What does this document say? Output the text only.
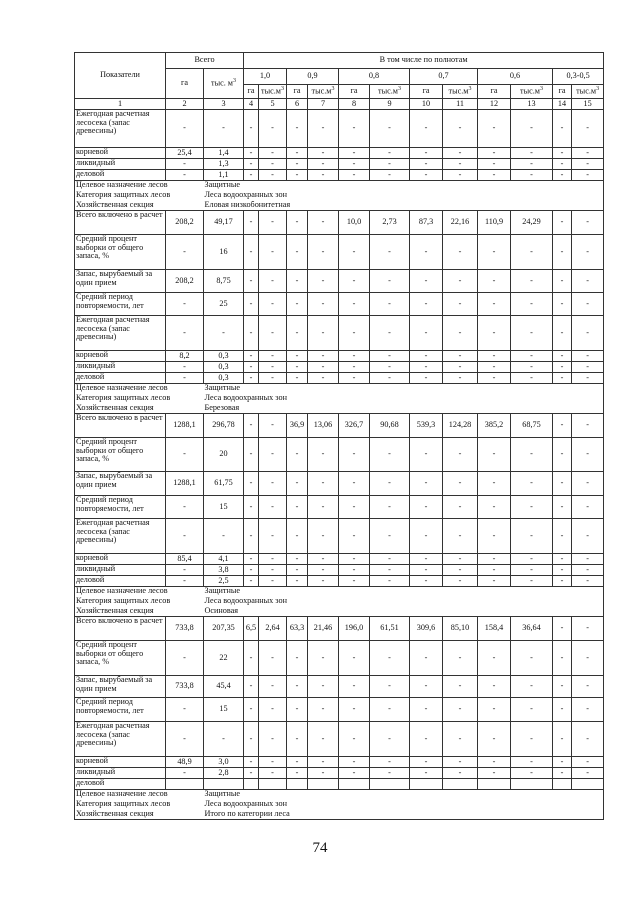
Показатели	Всего		В том числе по полнотам											
	га	тыс. $м^3$	1,0		0,9		0,8		0,7		0,6		0,3-0,5	
			га	$тыс.м^3$	га	$тыс.м^3$	га	$тыс.м^3$	га	$тыс.м^3$	га	$тыс.м^3$	га	$тыс.м^3$
1	2	3	4	5	6	7	8	9	10	11	12	13	14	15
Ежегодная расчетная лесосека (запас древесины)	-	-	-	-	-	-	-	-	-	-	-	-	-	-
корневой	25,4	1,4	-	-	-	-	-	-	-	-	-	-	-	-
ликвидный	-	1,3	-	-	-	-	-	-	-	-	-	-	-	-
деловой	-	1,1	-	-	-	-	-	-	-	-	-	-	-	-
Целевое назначение лесов		Защитные												
Категория защитных лесов		Леса водоохранных зон												
Хозяйственная секция		Еловая низкобонитетная												
Всего включено в расчет	208,2	49,17	-	-	-	-	10,0	2,73	87,3	22,16	110,9	24,29	-	-
Средний процент выборки от общего запаса, %	-	16	-	-	-	-	-	-	-	-	-	-	-	-
Запас, вырубаемый за один прием	208,2	8,75	-	-	-	-	-	-	-	-	-	-	-	-
Средний период повторяемости, лет	-	25	-	-	-	-	-	-	-	-	-	-	-	-
Ежегодная расчетная лесосека (запас древесины)	-	-	-	-	-	-	-	-	-	-	-	-	-	-
корневой	8,2	0,3	-	-	-	-	-	-	-	-	-	-	-	-
ликвидный	-	0,3	-	-	-	-	-	-	-	-	-	-	-	-
деловой	-	0,3	-	-	-	-	-	-	-	-	-	-	-	-
Целевое назначение лесов		Защитные												
Категория защитных лесов		Леса водоохранных зон												
Хозяйственная секция		Березовая												
Всего включено в расчет	1288,1	296,78	-	-	36,9	13,06	326,7	90,68	539,3	124,28	385,2	68,75	-	-
Средний процент выборки от общего запаса, %	-	20	-	-	-	-	-	-	-	-	-	-	-	-
Запас, вырубаемый за один прием	1288,1	61,75	-	-	-	-	-	-	-	-	-	-	-	-
Средний период повторяемости, лет	-	15	-	-	-	-	-	-	-	-	-	-	-	-
Ежегодная расчетная лесосека (запас древесины)	-	-	-	-	-	-	-	-	-	-	-	-	-	-
корневой	85,4	4,1	-	-	-	-	-	-	-	-	-	-	-	-
ликвидный	-	3,8	-	-	-	-	-	-	-	-	-	-	-	-
деловой	-	2,5	-	-	-	-	-	-	-	-	-	-	-	-
Целевое назначение лесов		Защитные												
Категория защитных лесов		Леса водоохранных зон												
Хозяйственная секция		Осиновая												
Всего включено в расчет	733,8	207,35	6,5	2,64	63,3	21,46	196,0	61,51	309,6	85,10	158,4	36,64	-	-
Средний процент выборки от общего запаса, %	-	22	-	-	-	-	-	-	-	-	-	-	-	-
Запас, вырубаемый за один прием	733,8	45,4	-	-	-	-	-	-	-	-	-	-	-	-
Средний период повторяемости, лет	-	15	-	-	-	-	-	-	-	-	-	-	-	-
Ежегодная расчетная лесосека (запас древесины)	-	-	-	-	-	-	-	-	-	-	-	-	-	-
корневой	48,9	3,0	-	-	-	-	-	-	-	-	-	-	-	-
ликвидный	-	2,8	-	-	-	-	-	-	-	-	-	-	-	-
деловой														
Целевое назначение лесов		Защитные												
Категория защитных лесов		Леса водоохранных зон												
Хозяйственная секция		Итого по категории леса												
74
